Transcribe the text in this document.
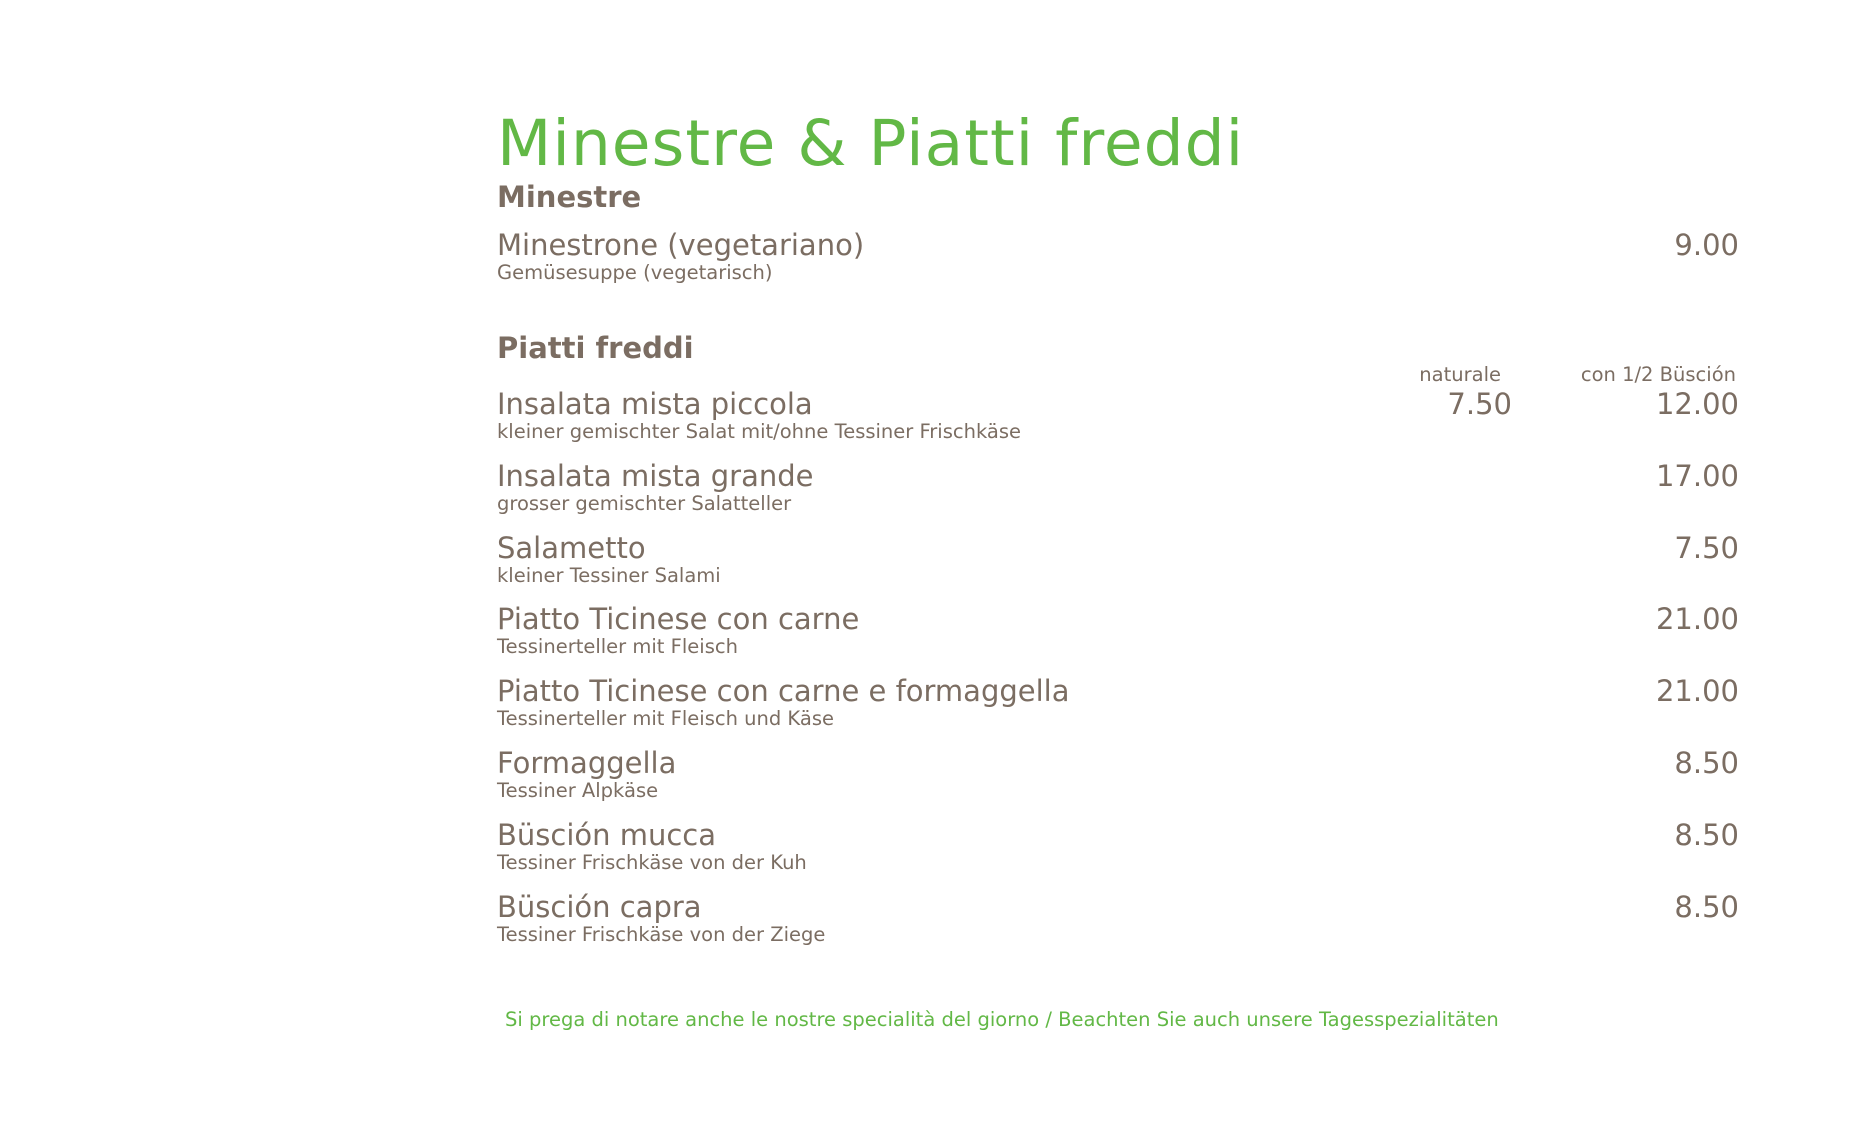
Minestre & Piatti freddi
Minestre
Minestrone (vegetariano)
Gemüsesuppe (vegetarisch)
9.00
Piatti freddi
naturale	con 1/2 Büsción
Insalata mista piccola
kleiner gemischter Salat mit/ohne Tessiner Frischkäse
7.50	12.00
Insalata mista grande
grosser gemischter Salatteller
17.00
Salametto
kleiner Tessiner Salami
7.50
Piatto Ticinese con carne
Tessinerteller mit Fleisch
21.00
Piatto Ticinese con carne e formaggella
Tessinerteller mit Fleisch und Käse
21.00
Formaggella
Tessiner Alpkäse
8.50
Büsción mucca
Tessiner Frischkäse von der Kuh
8.50
Büsción capra
Tessiner Frischkäse von der Ziege
8.50
Si prega di notare anche le nostre specialità del giorno / Beachten Sie auch unsere Tagesspezialitäten
